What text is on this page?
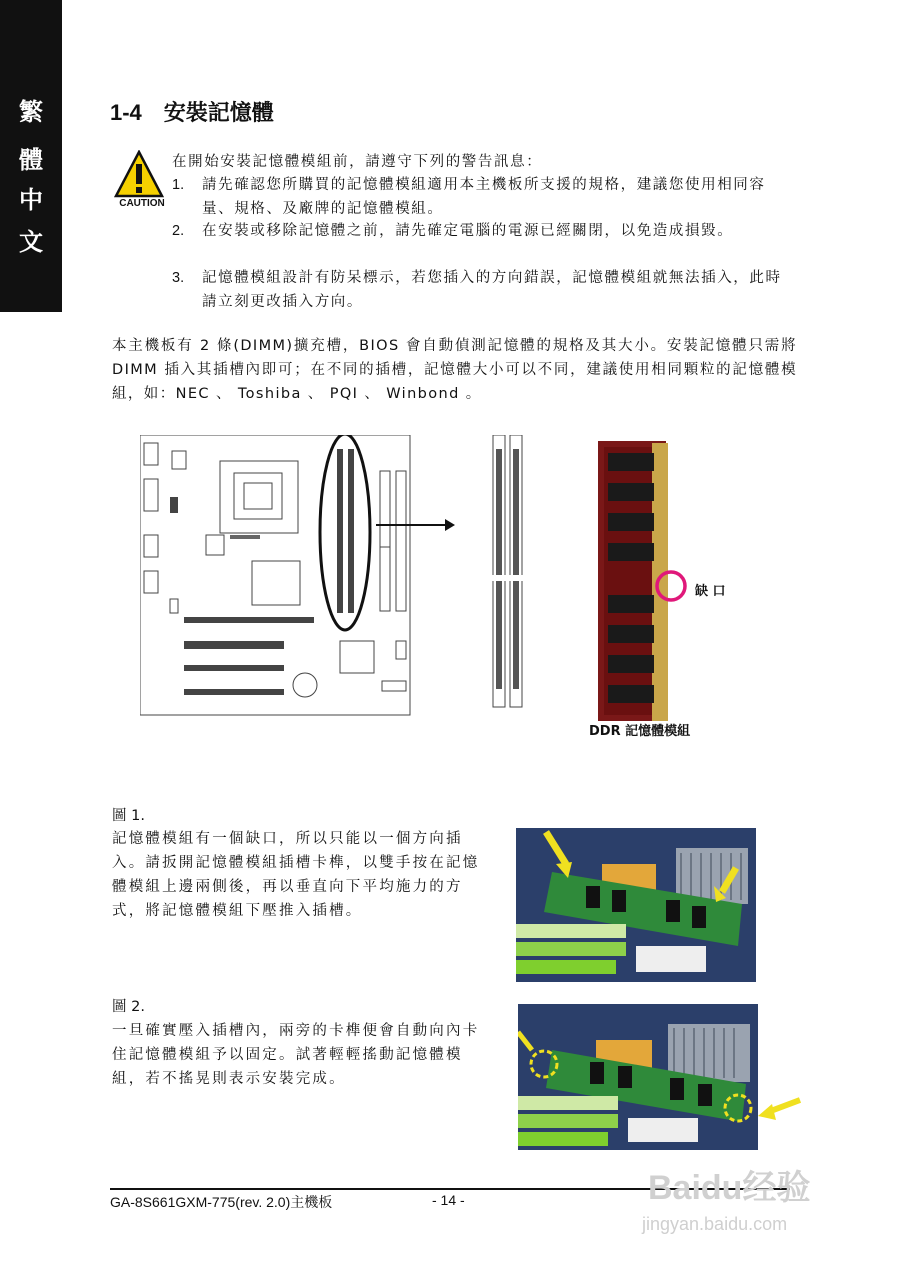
繁
體
中
文
1-4 安裝記憶體
CAUTION
在開始安裝記憶體模組前，請遵守下列的警告訊息：
1. 請先確認您所購買的記憶體模組適用本主機板所支援的規格，建議您使用相同容量、規格、及廠牌的記憶體模組。
2. 在安裝或移除記憶體之前，請先確定電腦的電源已經關閉，以免造成損毀。
3. 記憶體模組設計有防呆標示，若您插入的方向錯誤，記憶體模組就無法插入，此時請立刻更改插入方向。
本主機板有 2 條(DIMM)擴充槽，BIOS 會自動偵測記憶體的規格及其大小。安裝記憶體只需將 DIMM 插入其插槽內即可；在不同的插槽，記憶體大小可以不同，建議使用相同顆粒的記憶體模組，如：NEC 、 Toshiba 、 PQI 、 Winbond 。
缺 口
DDR 記憶體模組
圖 1.
記憶體模組有一個缺口，所以只能以一個方向插入。請扳開記憶體模組插槽卡榫，以雙手按在記憶體模組上邊兩側後，再以垂直向下平均施力的方式，將記憶體模組下壓推入插槽。
圖 2.
一旦確實壓入插槽內，兩旁的卡榫便會自動向內卡住記憶體模組予以固定。試著輕輕搖動記憶體模組，若不搖晃則表示安裝完成。
GA-8S661GXM-775(rev. 2.0)主機板	- 14 -	Baidu经验
jingyan.baidu.com
